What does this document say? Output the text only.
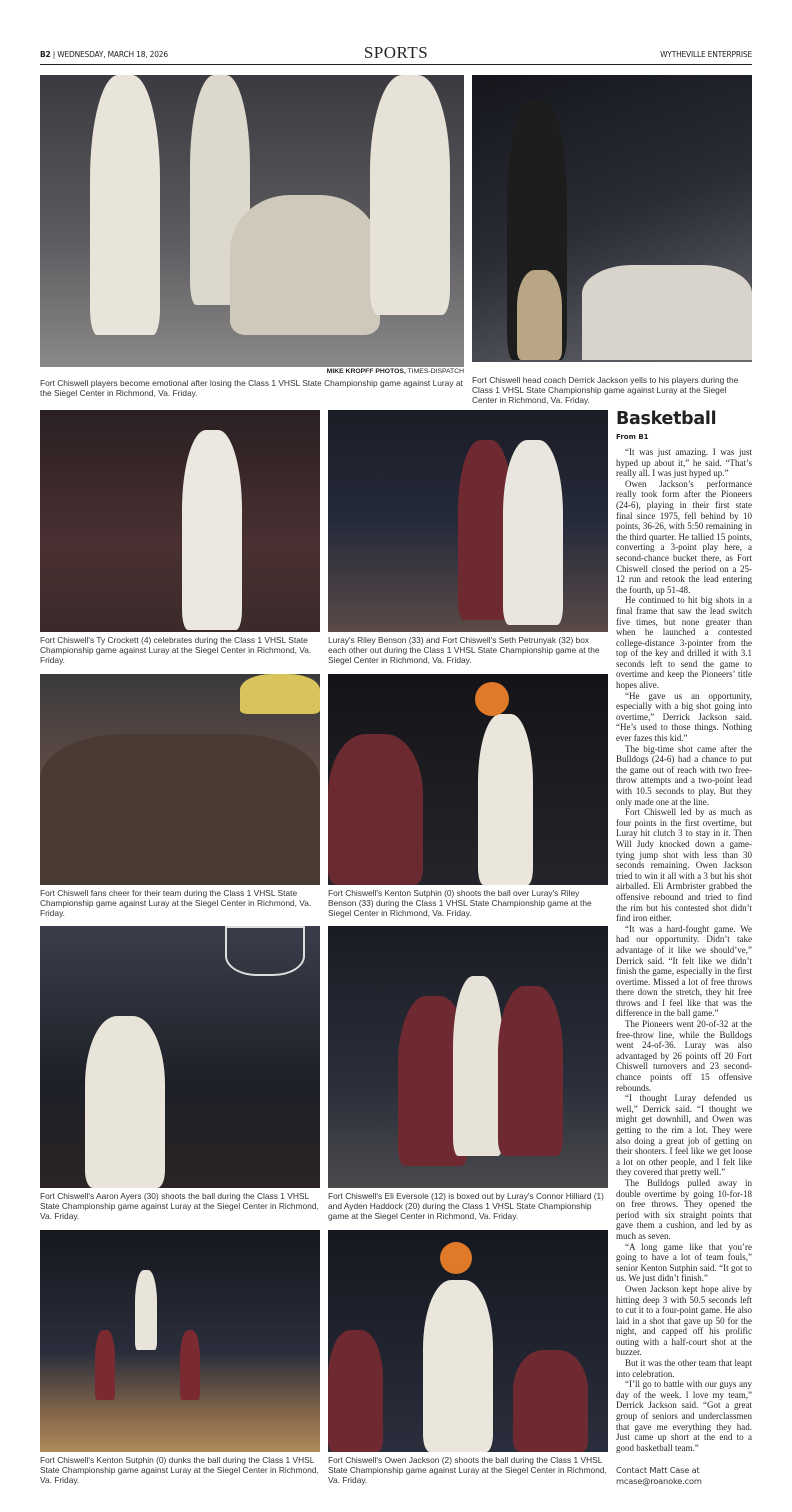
B2 | WEDNESDAY, MARCH 18, 2026	SPORTS	WYTHEVILLE ENTERPRISE
MIKE KROPFF PHOTOS, TIMES-DISPATCH
Fort Chiswell players become emotional after losing the Class 1 VHSL State Championship game against Luray at the Siegel Center in Richmond, Va. Friday.
Fort Chiswell head coach Derrick Jackson yells to his players during the Class 1 VHSL State Championship game against Luray at the Siegel Center in Richmond, Va. Friday.
Fort Chiswell's Ty Crockett (4) celebrates during the Class 1 VHSL State Championship game against Luray at the Siegel Center in Richmond, Va. Friday.
Luray's Riley Benson (33) and Fort Chiswell's Seth Petrunyak (32) box each other out during the Class 1 VHSL State Championship game at the Siegel Center in Richmond, Va. Friday.
Fort Chiswell fans cheer for their team during the Class 1 VHSL State Championship game against Luray at the Siegel Center in Richmond, Va. Friday.
Fort Chiswell's Kenton Sutphin (0) shoots the ball over Luray's Riley Benson (33) during the Class 1 VHSL State Championship game at the Siegel Center in Richmond, Va. Friday.
Fort Chiswell's Aaron Ayers (30) shoots the ball during the Class 1 VHSL State Championship game against Luray at the Siegel Center in Richmond, Va. Friday.
Fort Chiswell's Eli Eversole (12) is boxed out by Luray's Connor Hilliard (1) and Ayden Haddock (20) during the Class 1 VHSL State Championship game at the Siegel Center in Richmond, Va. Friday.
Fort Chiswell's Kenton Sutphin (0) dunks the ball during the Class 1 VHSL State Championship game against Luray at the Siegel Center in Richmond, Va. Friday.
Fort Chiswell's Owen Jackson (2) shoots the ball during the Class 1 VHSL State Championship game against Luray at the Siegel Center in Richmond, Va. Friday.
Basketball
From B1

“It was just amazing. I was just hyped up about it,” he said. “That’s really all. I was just hyped up.”

Owen Jackson’s performance really took form after the Pioneers (24-6), playing in their first state final since 1975, fell behind by 10 points, 36-26, with 5:50 remaining in the third quarter. He tallied 15 points, converting a 3-point play here, a second-chance bucket there, as Fort Chiswell closed the period on a 25-12 run and retook the lead entering the fourth, up 51-48.

He continued to hit big shots in a final frame that saw the lead switch five times, but none greater than when he launched a contested college-distance 3-pointer from the top of the key and drilled it with 3.1 seconds left to send the game to overtime and keep the Pioneers’ title hopes alive.

“He gave us an opportunity, especially with a big shot going into overtime,” Derrick Jackson said. “He’s used to those things. Nothing ever fazes this kid.”

The big-time shot came after the Bulldogs (24-6) had a chance to put the game out of reach with two free-throw attempts and a two-point lead with 10.5 seconds to play. But they only made one at the line.

Fort Chiswell led by as much as four points in the first overtime, but Luray hit clutch 3 to stay in it. Then Will Judy knocked down a game-tying jump shot with less than 30 seconds remaining. Owen Jackson tried to win it all with a 3 but his shot airballed. Eli Armbrister grabbed the offensive rebound and tried to find the rim but his contested shot didn’t find iron either.

“It was a hard-fought game. We had our opportunity. Didn’t take advantage of it like we should’ve,” Derrick said. “It felt like we didn’t finish the game, especially in the first overtime. Missed a lot of free throws there down the stretch, they hit free throws and I feel like that was the difference in the ball game.”

The Pioneers went 20-of-32 at the free-throw line, while the Bulldogs went 24-of-36. Luray was also advantaged by 26 points off 20 Fort Chiswell turnovers and 23 second-chance points off 15 offensive rebounds.

“I thought Luray defended us well,” Derrick said. “I thought we might get downhill, and Owen was getting to the rim a lot. They were also doing a great job of getting on their shooters. I feel like we get loose a lot on other people, and I felt like they covered that pretty well.”

The Bulldogs pulled away in double overtime by going 10-for-18 on free throws. They opened the period with six straight points that gave them a cushion, and led by as much as seven.

“A long game like that you’re going to have a lot of team fouls,” senior Kenton Sutphin said. “It got to us. We just didn’t finish.”

Owen Jackson kept hope alive by hitting deep 3 with 50.5 seconds left to cut it to a four-point game. He also laid in a shot that gave up 50 for the night, and capped off his prolific outing with a half-court shot at the buzzer.

But it was the other team that leapt into celebration.

“I’ll go to battle with our guys any day of the week. I love my team,” Derrick Jackson said. “Got a great group of seniors and underclassmen that gave me everything they had. Just came up short at the end to a good basketball team.”

Contact Matt Case at
mcase@roanoke.com
